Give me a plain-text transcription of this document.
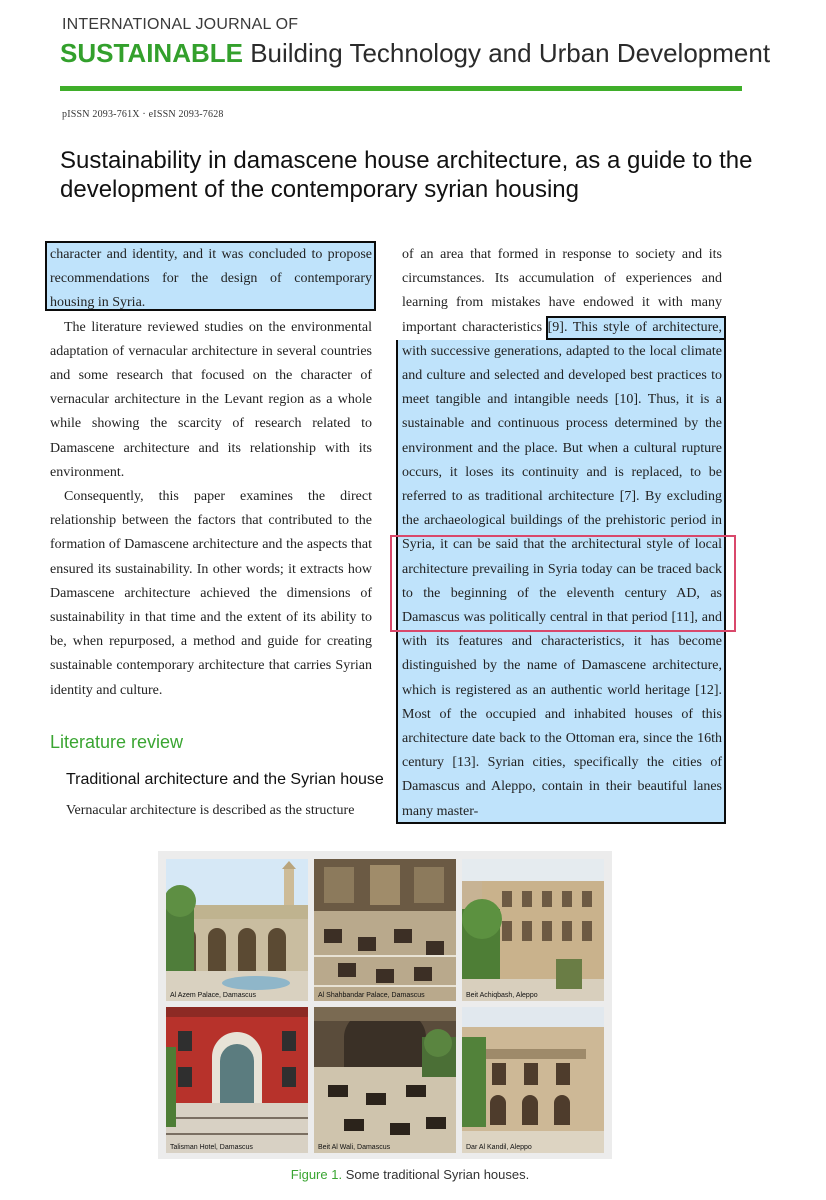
INTERNATIONAL JOURNAL OF
SUSTAINABLE Building Technology and Urban Development
pISSN 2093-761X · eISSN 2093-7628
Sustainability in damascene house architecture, as a guide to the development of the contemporary syrian housing

character and identity, and it was concluded to propose recommendations for the design of contemporary housing in Syria.

The literature reviewed studies on the environmental adaptation of vernacular architecture in several countries and some research that focused on the character of vernacular architecture in the Levant region as a whole while showing the scarcity of research related to Damascene architecture and its relationship with its environment.

Consequently, this paper examines the direct relationship between the factors that contributed to the formation of Damascene architecture and the aspects that ensured its sustainability. In other words; it extracts how Damascene architecture achieved the dimensions of sustainability in that time and the extent of its ability to be, when repurposed, a method and guide for creating sustainable contemporary architecture that carries Syrian identity and culture.

Literature review
Traditional architecture and the Syrian house
Vernacular architecture is described as the structure

of an area that formed in response to society and its circumstances. Its accumulation of experiences and learning from mistakes have endowed it with many important characteristics [9]. This style of architecture, with successive generations, adapted to the local climate and culture and selected and developed best practices to meet tangible and intangible needs [10]. Thus, it is a sustainable and continuous process determined by the environment and the place. But when a cultural rupture occurs, it loses its continuity and is replaced, to be referred to as traditional architecture [7]. By excluding the archaeological buildings of the prehistoric period in Syria, it can be said that the architectural style of local architecture prevailing in Syria today can be traced back to the beginning of the eleventh century AD, as Damascus was politically central in that period [11], and with its features and characteristics, it has become distinguished by the name of Damascene architecture, which is registered as an authentic world heritage [12]. Most of the occupied and inhabited houses of this architecture date back to the Ottoman era, since the 16th century [13]. Syrian cities, specifically the cities of Damascus and Aleppo, contain in their beautiful lanes many master-

Al Azem Palace, Damascus	Al Shahbandar Palace, Damascus	Beit Achiqbash, Aleppo
Talisman Hotel, Damascus	Beit Al Wali, Damascus	Dar Al Kandil, Aleppo
Figure 1. Some traditional Syrian houses.
